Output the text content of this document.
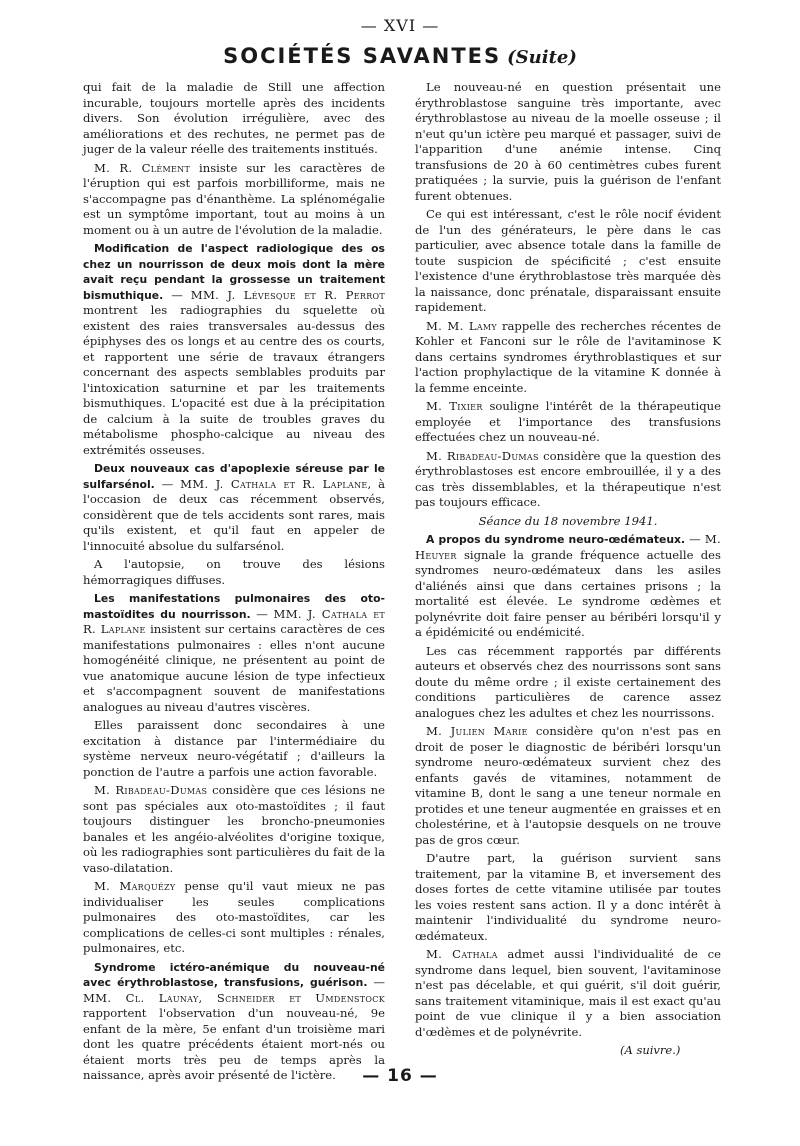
— XVI —
SOCIÉTÉS SAVANTES (Suite)

qui fait de la maladie de Still une affection incurable, toujours mortelle après des incidents divers. Son évolution irrégulière, avec des améliorations et des rechutes, ne permet pas de juger de la valeur réelle des traitements institués.

M. R. Clément insiste sur les caractères de l'éruption qui est parfois morbilliforme, mais ne s'accompagne pas d'énanthème. La splénomégalie est un symptôme important, tout au moins à un moment ou à un autre de l'évolution de la maladie.

Modification de l'aspect radiologique des os chez un nourrisson de deux mois dont la mère avait reçu pendant la grossesse un traitement bismuthique. — MM. J. Lévesque et R. Perrot montrent les radiographies du squelette où existent des raies transversales au-dessus des épiphyses des os longs et au centre des os courts, et rapportent une série de travaux étrangers concernant des aspects semblables produits par l'intoxication saturnine et par les traitements bismuthiques. L'opacité est due à la précipitation de calcium à la suite de troubles graves du métabolisme phospho-calcique au niveau des extrémités osseuses.

Deux nouveaux cas d'apoplexie séreuse par le sulfarsénol. — MM. J. Cathala et R. Laplane, à l'occasion de deux cas récemment observés, considèrent que de tels accidents sont rares, mais qu'ils existent, et qu'il faut en appeler de l'innocuité absolue du sulfarsénol.

A l'autopsie, on trouve des lésions hémorragiques diffuses.

Les manifestations pulmonaires des oto-mastoïdites du nourrisson. — MM. J. Cathala et R. Laplane insistent sur certains caractères de ces manifestations pulmonaires : elles n'ont aucune homogénéité clinique, ne présentent au point de vue anatomique aucune lésion de type infectieux et s'accompagnent souvent de manifestations analogues au niveau d'autres viscères.

Elles paraissent donc secondaires à une excitation à distance par l'intermédiaire du système nerveux neuro-végétatif ; d'ailleurs la ponction de l'autre a parfois une action favorable.

M. Ribadeau-Dumas considère que ces lésions ne sont pas spéciales aux oto-mastoïdites ; il faut toujours distinguer les broncho-pneumonies banales et les angéio-alvéolites d'origine toxique, où les radiographies sont particulières du fait de la vaso-dilatation.

M. Marquézy pense qu'il vaut mieux ne pas individualiser les seules complications pulmonaires des oto-mastoïdites, car les complications de celles-ci sont multiples : rénales, pulmonaires, etc.

Syndrome ictéro-anémique du nouveau-né avec érythroblastose, transfusions, guérison. — MM. Cl. Launay, Schneider et Umdenstock rapportent l'observation d'un nouveau-né, 9e enfant de la mère, 5e enfant d'un troisième mari dont les quatre précédents étaient mort-nés ou étaient morts très peu de temps après la naissance, après avoir présenté de l'ictère.

Le nouveau-né en question présentait une érythroblastose sanguine très importante, avec érythroblastose au niveau de la moelle osseuse ; il n'eut qu'un ictère peu marqué et passager, suivi de l'apparition d'une anémie intense. Cinq transfusions de 20 à 60 centimètres cubes furent pratiquées ; la survie, puis la guérison de l'enfant furent obtenues.

Ce qui est intéressant, c'est le rôle nocif évident de l'un des générateurs, le père dans le cas particulier, avec absence totale dans la famille de toute suspicion de spécificité ; c'est ensuite l'existence d'une érythroblastose très marquée dès la naissance, donc prénatale, disparaissant ensuite rapidement.

M. M. Lamy rappelle des recherches récentes de Kohler et Fanconi sur le rôle de l'avitaminose K dans certains syndromes érythroblastiques et sur l'action prophylactique de la vitamine K donnée à la femme enceinte.

M. Tixier souligne l'intérêt de la thérapeutique employée et l'importance des transfusions effectuées chez un nouveau-né.

M. Ribadeau-Dumas considère que la question des érythroblastoses est encore embrouillée, il y a des cas très dissemblables, et la thérapeutique n'est pas toujours efficace.

Séance du 18 novembre 1941.

A propos du syndrome neuro-œdémateux. — M. Heuyer signale la grande fréquence actuelle des syndromes neuro-œdémateux dans les asiles d'aliénés ainsi que dans certaines prisons ; la mortalité est élevée. Le syndrome œdèmes et polynévrite doit faire penser au béribéri lorsqu'il y a épidémicité ou endémicité.

Les cas récemment rapportés par différents auteurs et observés chez des nourrissons sont sans doute du même ordre ; il existe certainement des conditions particulières de carence assez analogues chez les adultes et chez les nourrissons.

M. Julien Marie considère qu'on n'est pas en droit de poser le diagnostic de béribéri lorsqu'un syndrome neuro-œdémateux survient chez des enfants gavés de vitamines, notamment de vitamine B, dont le sang a une teneur normale en protides et une teneur augmentée en graisses et en cholestérine, et à l'autopsie desquels on ne trouve pas de gros cœur.

D'autre part, la guérison survient sans traitement, par la vitamine B, et inversement des doses fortes de cette vitamine utilisée par toutes les voies restent sans action. Il y a donc intérêt à maintenir l'individualité du syndrome neuro-œdémateux.

M. Cathala admet aussi l'individualité de ce syndrome dans lequel, bien souvent, l'avitaminose n'est pas décelable, et qui guérit, s'il doit guérir, sans traitement vitaminique, mais il est exact qu'au point de vue clinique il y a bien association d'œdèmes et de polynévrite.

(A suivre.)
— 16 —
